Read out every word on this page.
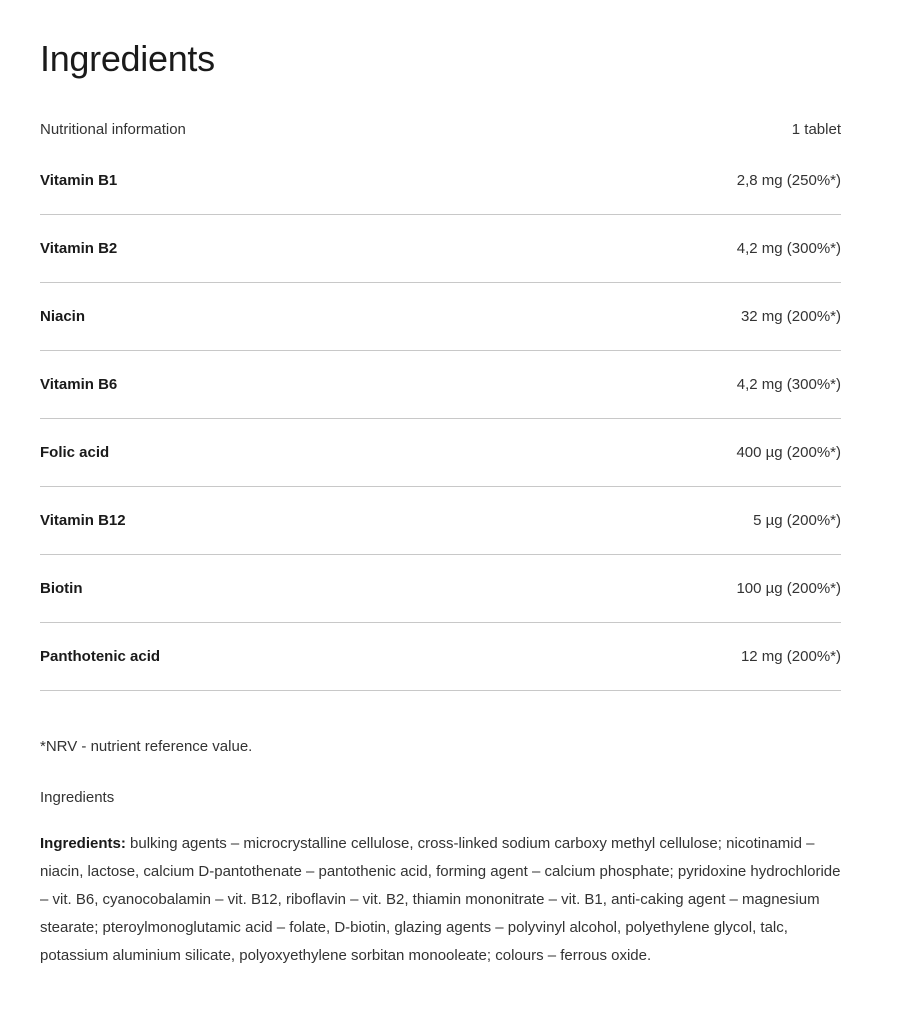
Ingredients
Nutritional information	1 tablet
Vitamin B1	2,8 mg (250%*)
Vitamin B2	4,2 mg (300%*)
Niacin	32 mg (200%*)
Vitamin B6	4,2 mg (300%*)
Folic acid	400 µg (200%*)
Vitamin B12	5 µg (200%*)
Biotin	100 µg (200%*)
Panthotenic acid	12 mg (200%*)

*NRV - nutrient reference value.

Ingredients

Ingredients: bulking agents – microcrystalline cellulose, cross-linked sodium carboxy methyl cellulose; nicotinamid – niacin, lactose, calcium D-pantothenate – pantothenic acid, forming agent – calcium phosphate; pyridoxine hydrochloride – vit. B6, cyanocobalamin – vit. B12, riboflavin – vit. B2, thiamin mononitrate – vit. B1, anti-caking agent – magnesium stearate; pteroylmonoglutamic acid – folate, D-biotin, glazing agents – polyvinyl alcohol, polyethylene glycol, talc, potassium aluminium silicate, polyoxyethylene sorbitan monooleate; colours – ferrous oxide.
